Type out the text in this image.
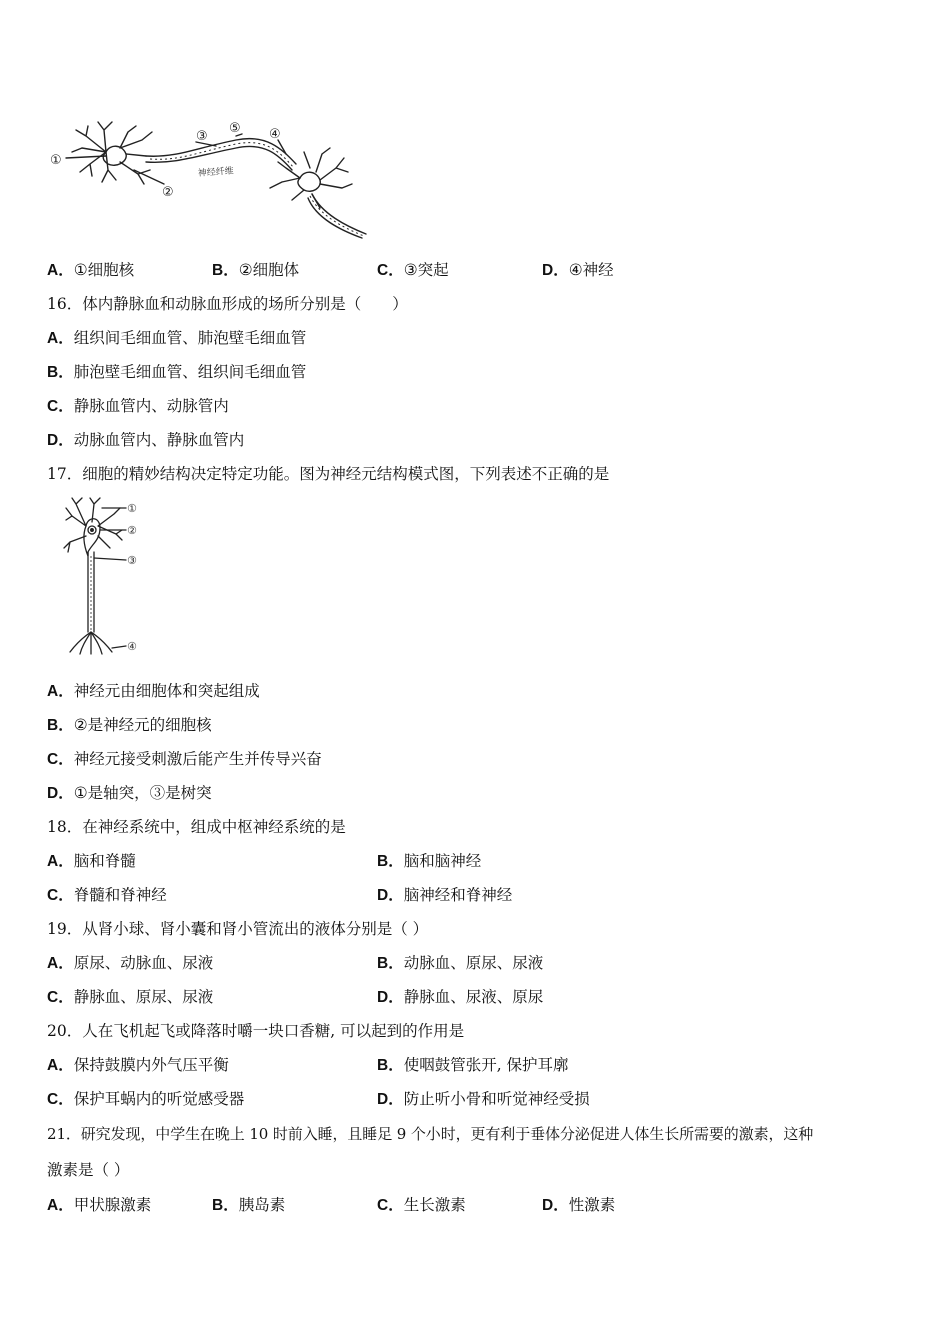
①
②
③
⑤ ④
神经纤维
A．①细胞核	B．②细胞体	C．③突起	D．④神经
16．体内静脉血和动脉血形成的场所分别是（　　）
A．组织间毛细血管、肺泡壁毛细血管
B．肺泡壁毛细血管、组织间毛细血管
C．静脉血管内、动脉管内
D．动脉血管内、静脉血管内
17．细胞的精妙结构决定特定功能。图为神经元结构模式图，下列表述不正确的是
①
②
③
④
A．神经元由细胞体和突起组成
B．②是神经元的细胞核
C．神经元接受刺激后能产生并传导兴奋
D．①是轴突，③是树突
18．在神经系统中，组成中枢神经系统的是
A．脑和脊髓	B．脑和脑神经
C．脊髓和脊神经	D．脑神经和脊神经
19．从肾小球、肾小囊和肾小管流出的液体分别是（ ）
A．原尿、动脉血、尿液	B．动脉血、原尿、尿液
C．静脉血、原尿、尿液	D．静脉血、尿液、原尿
20．人在飞机起飞或降落时嚼一块口香糖, 可以起到的作用是
A．保持鼓膜内外气压平衡	B．使咽鼓管张开, 保护耳廓
C．保护耳蜗内的听觉感受器	D．防止听小骨和听觉神经受损
21．研究发现，中学生在晚上 10 时前入睡，且睡足 9 个小时，更有利于垂体分泌促进人体生长所需要的激素，这种
激素是（ ）
A．甲状腺激素	B．胰岛素	C．生长激素	D．性激素
